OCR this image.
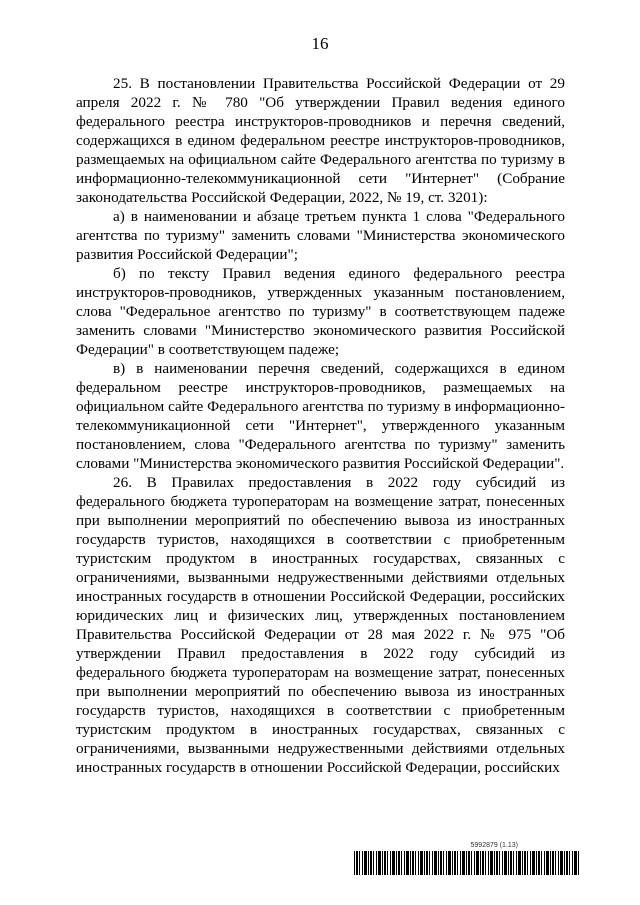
16

25. В постановлении Правительства Российской Федерации от 29 апреля 2022 г. № 780 "Об утверждении Правил ведения единого федерального реестра инструкторов-проводников и перечня сведений, содержащихся в едином федеральном реестре инструкторов-проводников, размещаемых на официальном сайте Федерального агентства по туризму в информационно-телекоммуникационной сети "Интернет" (Собрание законодательства Российской Федерации, 2022, № 19, ст. 3201):

а) в наименовании и абзаце третьем пункта 1 слова "Федерального агентства по туризму" заменить словами "Министерства экономического развития Российской Федерации";

б) по тексту Правил ведения единого федерального реестра инструкторов-проводников, утвержденных указанным постановлением, слова "Федеральное агентство по туризму" в соответствующем падеже заменить словами "Министерство экономического развития Российской Федерации" в соответствующем падеже;

в) в наименовании перечня сведений, содержащихся в едином федеральном реестре инструкторов-проводников, размещаемых на официальном сайте Федерального агентства по туризму в информационно-телекоммуникационной сети "Интернет", утвержденного указанным постановлением, слова "Федерального агентства по туризму" заменить словами "Министерства экономического развития Российской Федерации".

26. В Правилах предоставления в 2022 году субсидий из федерального бюджета туроператорам на возмещение затрат, понесенных при выполнении мероприятий по обеспечению вывоза из иностранных государств туристов, находящихся в соответствии с приобретенным туристским продуктом в иностранных государствах, связанных с ограничениями, вызванными недружественными действиями отдельных иностранных государств в отношении Российской Федерации, российских юридических лиц и физических лиц, утвержденных постановлением Правительства Российской Федерации от 28 мая 2022 г. № 975 "Об утверждении Правил предоставления в 2022 году субсидий из федерального бюджета туроператорам на возмещение затрат, понесенных при выполнении мероприятий по обеспечению вывоза из иностранных государств туристов, находящихся в соответствии с приобретенным туристским продуктом в иностранных государствах, связанных с ограничениями, вызванными недружественными действиями отдельных иностранных государств в отношении Российской Федерации, российских

5992879 (1.13)
